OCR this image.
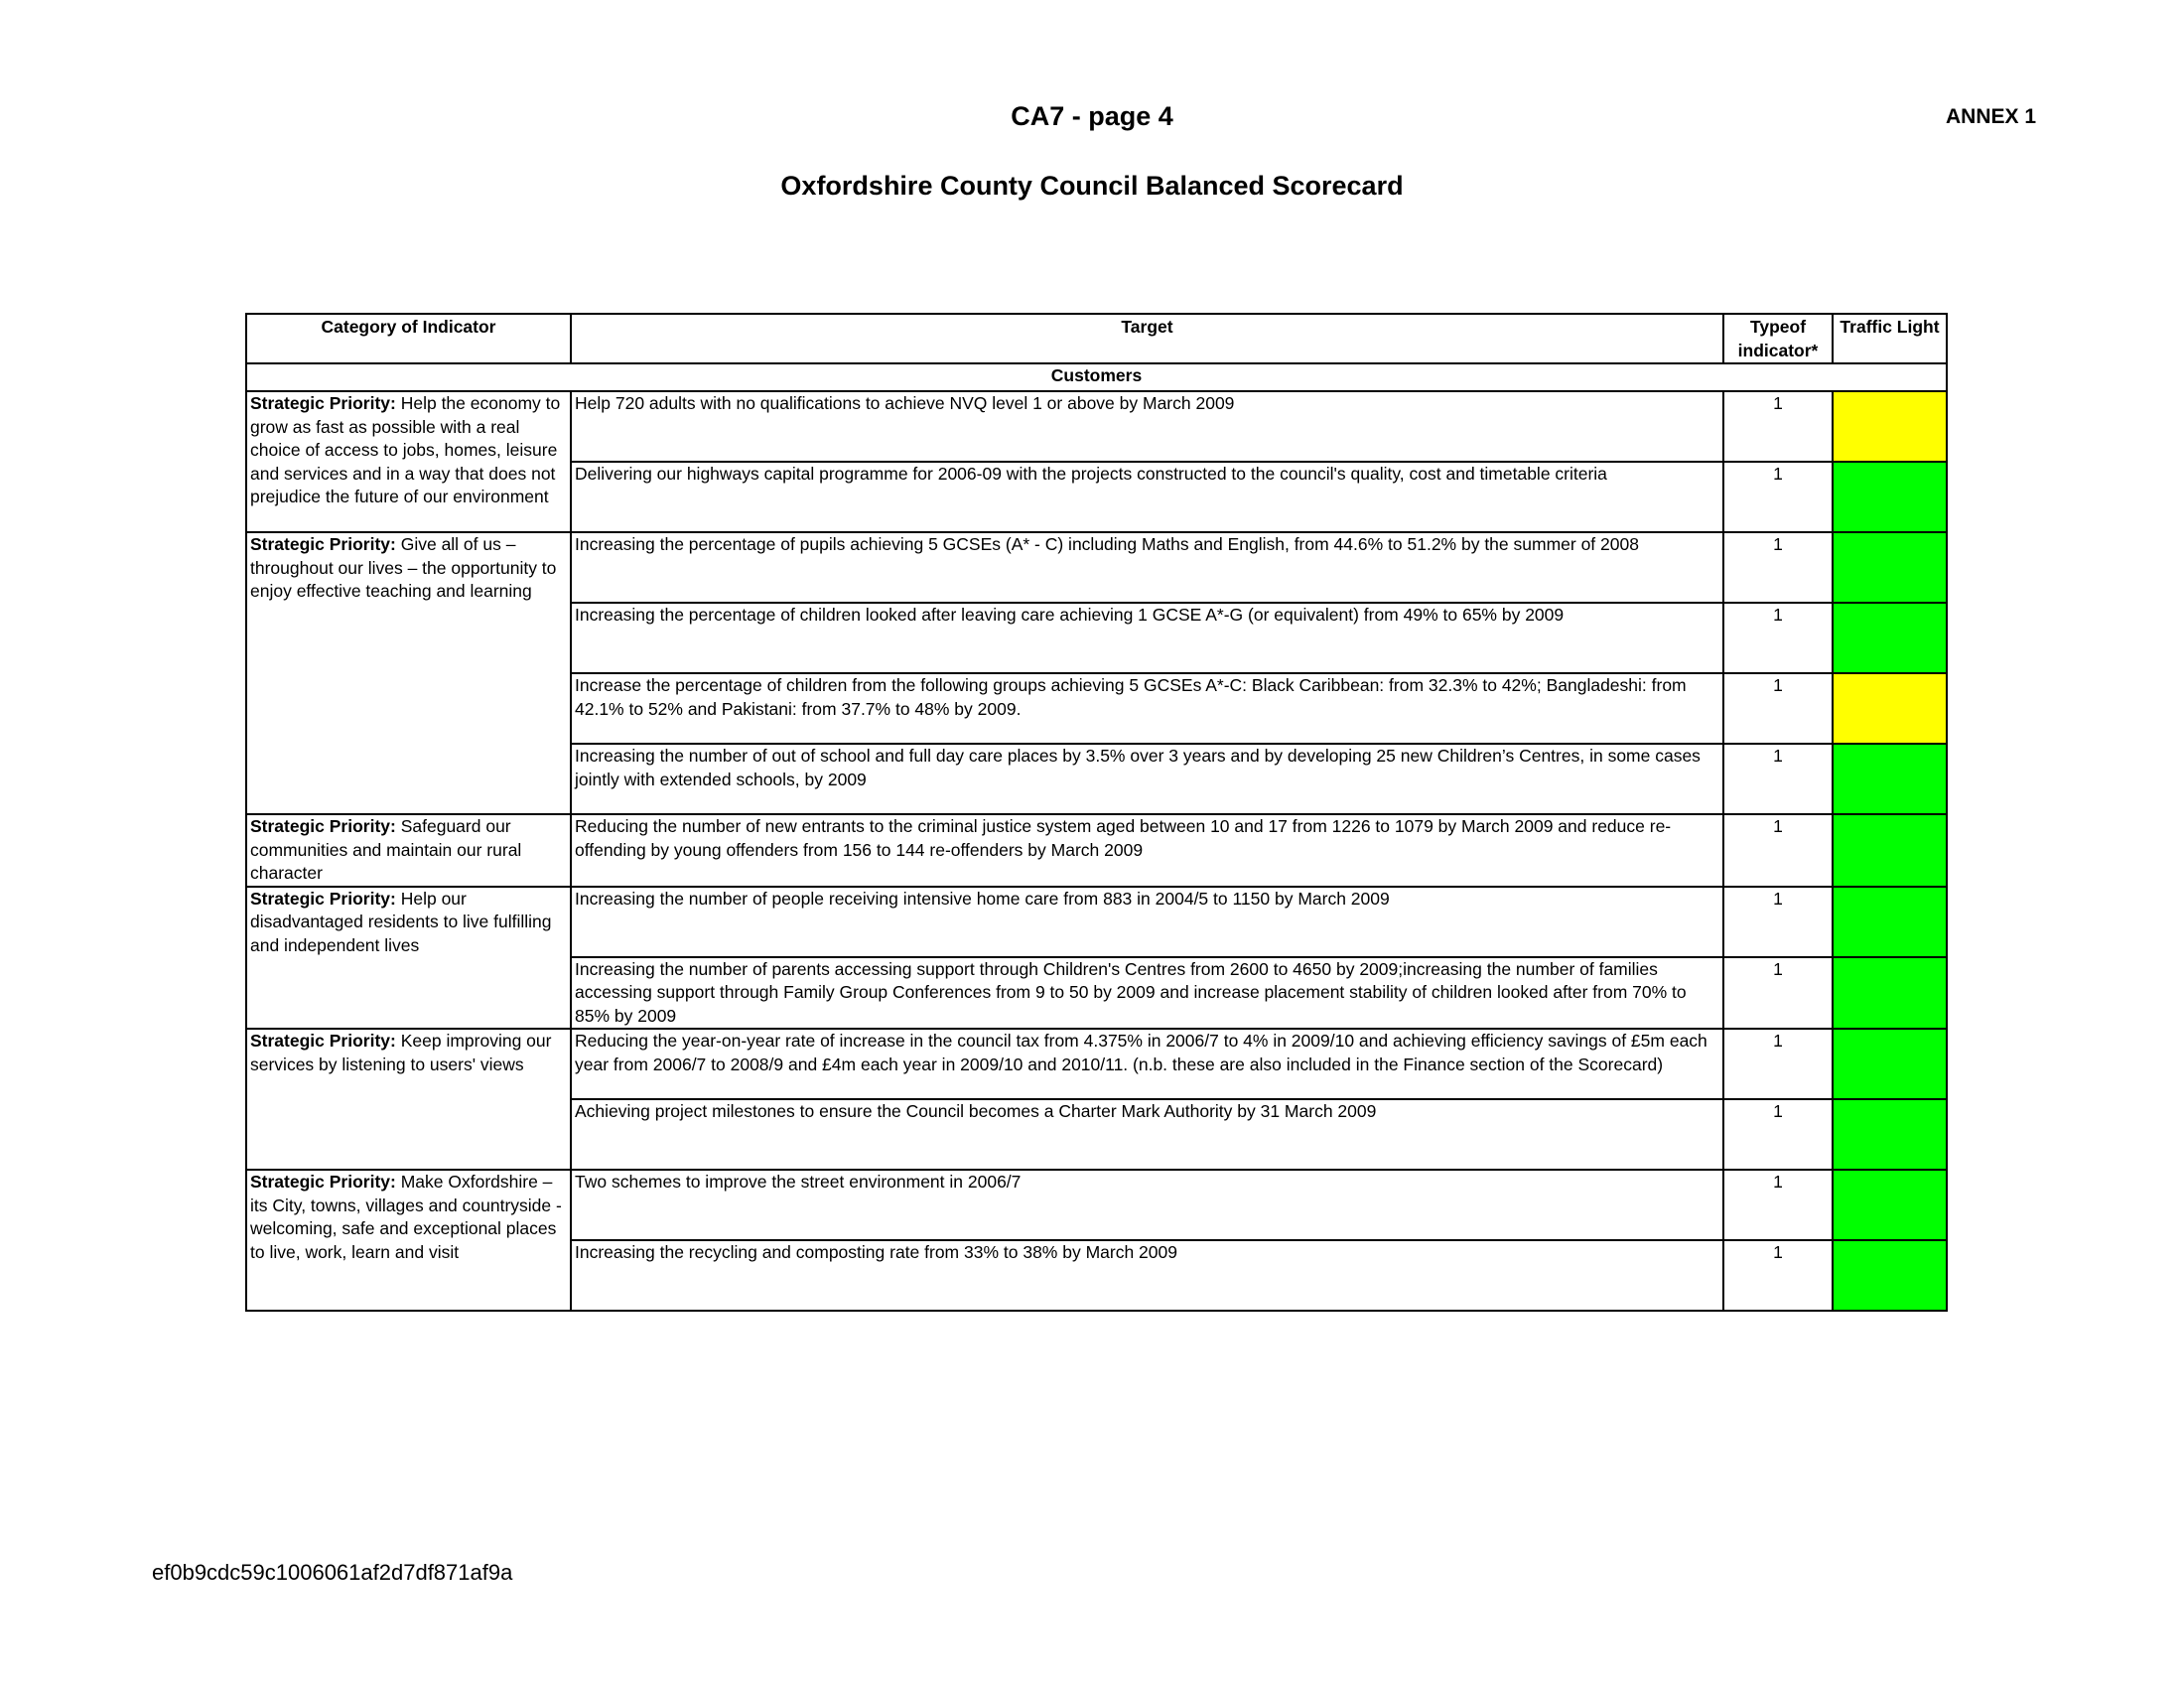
CA7 - page 4	ANNEX 1
Oxfordshire County Council Balanced Scorecard
Category of Indicator	Target	Typeof indicator*	Traffic Light
Customers			
Strategic Priority: Help the economy to grow as fast as possible with a real choice of access to jobs, homes, leisure and services and in a way that does not prejudice the future of our environment	Help 720 adults with no qualifications to achieve NVQ level 1 or above by March 2009	1	
	Delivering our highways capital programme for 2006-09 with the projects constructed to the council's quality, cost and timetable criteria	1	
Strategic Priority: Give all of us – throughout our lives – the opportunity to enjoy effective teaching and learning	Increasing the percentage of pupils achieving 5 GCSEs (A* - C) including Maths and English, from 44.6% to 51.2% by the summer of 2008	1	
	Increasing the percentage of children looked after leaving care achieving 1 GCSE A*-G (or equivalent) from 49% to 65% by 2009	1	
	Increase the percentage of children from the following groups achieving 5 GCSEs A*-C: Black Caribbean: from 32.3% to 42%; Bangladeshi: from 42.1% to 52% and Pakistani: from 37.7% to 48% by 2009.	1	
	Increasing the number of out of school and full day care places by 3.5% over 3 years and by developing 25 new Children’s Centres, in some cases jointly with extended schools, by 2009	1	
Strategic Priority: Safeguard our communities and maintain our rural character	Reducing the number of new entrants to the criminal justice system aged between 10 and 17 from 1226 to 1079 by March 2009 and reduce re-offending by young offenders from 156 to 144 re-offenders by March 2009	1	
Strategic Priority: Help our disadvantaged residents to live fulfilling and independent lives	Increasing the number of people receiving intensive home care from 883 in 2004/5 to 1150 by March 2009	1	
	Increasing the number of parents accessing support through Children's Centres from 2600 to 4650 by 2009;increasing the number of families accessing support through Family Group Conferences from 9 to 50 by 2009 and increase placement stability of children looked after from 70% to 85% by 2009	1	
Strategic Priority: Keep improving our services by listening to users' views	Reducing the year-on-year rate of increase in the council tax from 4.375% in 2006/7 to 4% in 2009/10 and achieving efficiency savings of £5m each year from 2006/7 to 2008/9 and £4m each year in 2009/10 and 2010/11. (n.b. these are also included in the Finance section of the Scorecard)	1	
	Achieving project milestones to ensure the Council becomes a Charter Mark Authority by 31 March 2009	1	
Strategic Priority: Make Oxfordshire – its City, towns, villages and countryside - welcoming, safe and exceptional places to live, work, learn and visit	Two schemes to improve the street environment in 2006/7	1	
	Increasing the recycling and composting rate from 33% to 38% by March 2009	1	
ef0b9cdc59c1006061af2d7df871af9a
